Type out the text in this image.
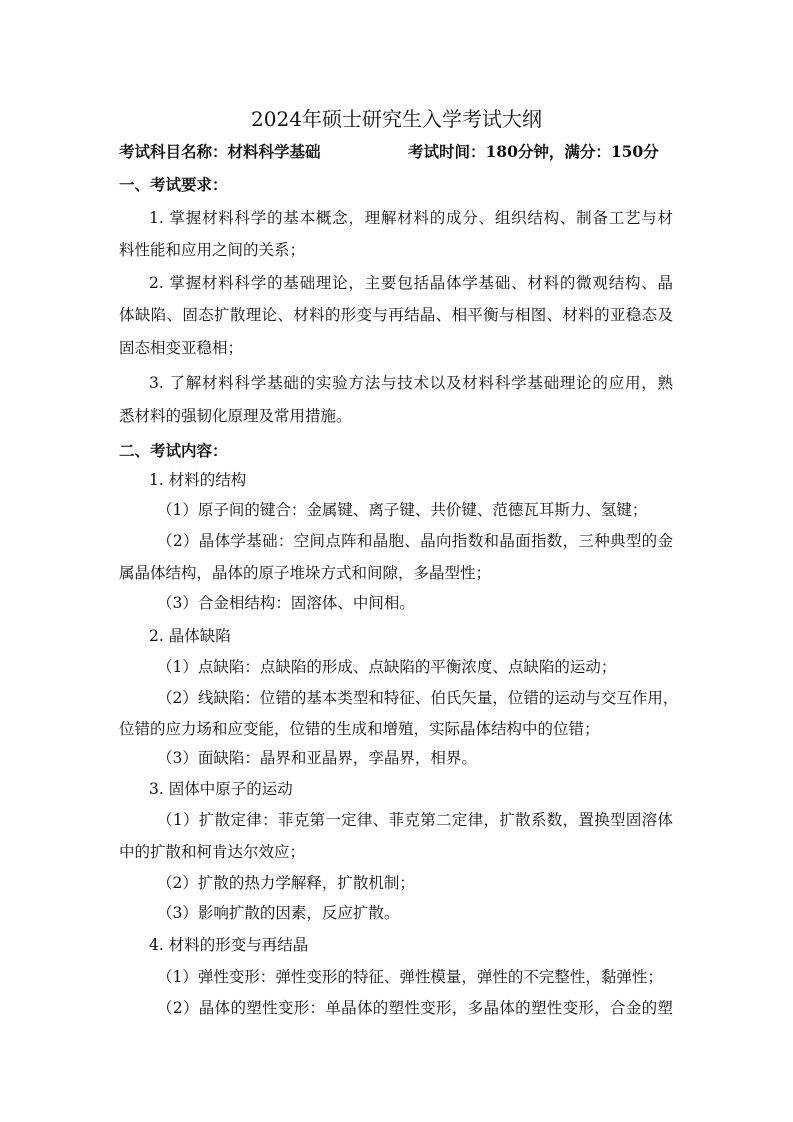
2024年硕士研究生入学考试大纲
考试科目名称：材料科学基础	考试时间：180分钟，满分：150分
一、考试要求：
1. 掌握材料科学的基本概念，理解材料的成分、组织结构、制备工艺与材
料性能和应用之间的关系；
2. 掌握材料科学的基础理论，主要包括晶体学基础、材料的微观结构、晶
体缺陷、固态扩散理论、材料的形变与再结晶、相平衡与相图、材料的亚稳态及
固态相变亚稳相；
3. 了解材料科学基础的实验方法与技术以及材料科学基础理论的应用，熟
悉材料的强韧化原理及常用措施。
二、考试内容：
1. 材料的结构
（1）原子间的键合：金属键、离子键、共价键、范德瓦耳斯力、氢键；
（2）晶体学基础：空间点阵和晶胞、晶向指数和晶面指数，三种典型的金
属晶体结构，晶体的原子堆垛方式和间隙，多晶型性；
（3）合金相结构：固溶体、中间相。
2. 晶体缺陷
（1）点缺陷：点缺陷的形成、点缺陷的平衡浓度、点缺陷的运动；
（2）线缺陷：位错的基本类型和特征、伯氏矢量，位错的运动与交互作用，
位错的应力场和应变能，位错的生成和增殖，实际晶体结构中的位错；
（3）面缺陷：晶界和亚晶界，孪晶界，相界。
3. 固体中原子的运动
（1）扩散定律：菲克第一定律、菲克第二定律，扩散系数，置换型固溶体
中的扩散和柯肯达尔效应；
（2）扩散的热力学解释，扩散机制；
（3）影响扩散的因素，反应扩散。
4. 材料的形变与再结晶
（1）弹性变形：弹性变形的特征、弹性模量，弹性的不完整性，黏弹性；
（2）晶体的塑性变形：单晶体的塑性变形，多晶体的塑性变形，合金的塑
